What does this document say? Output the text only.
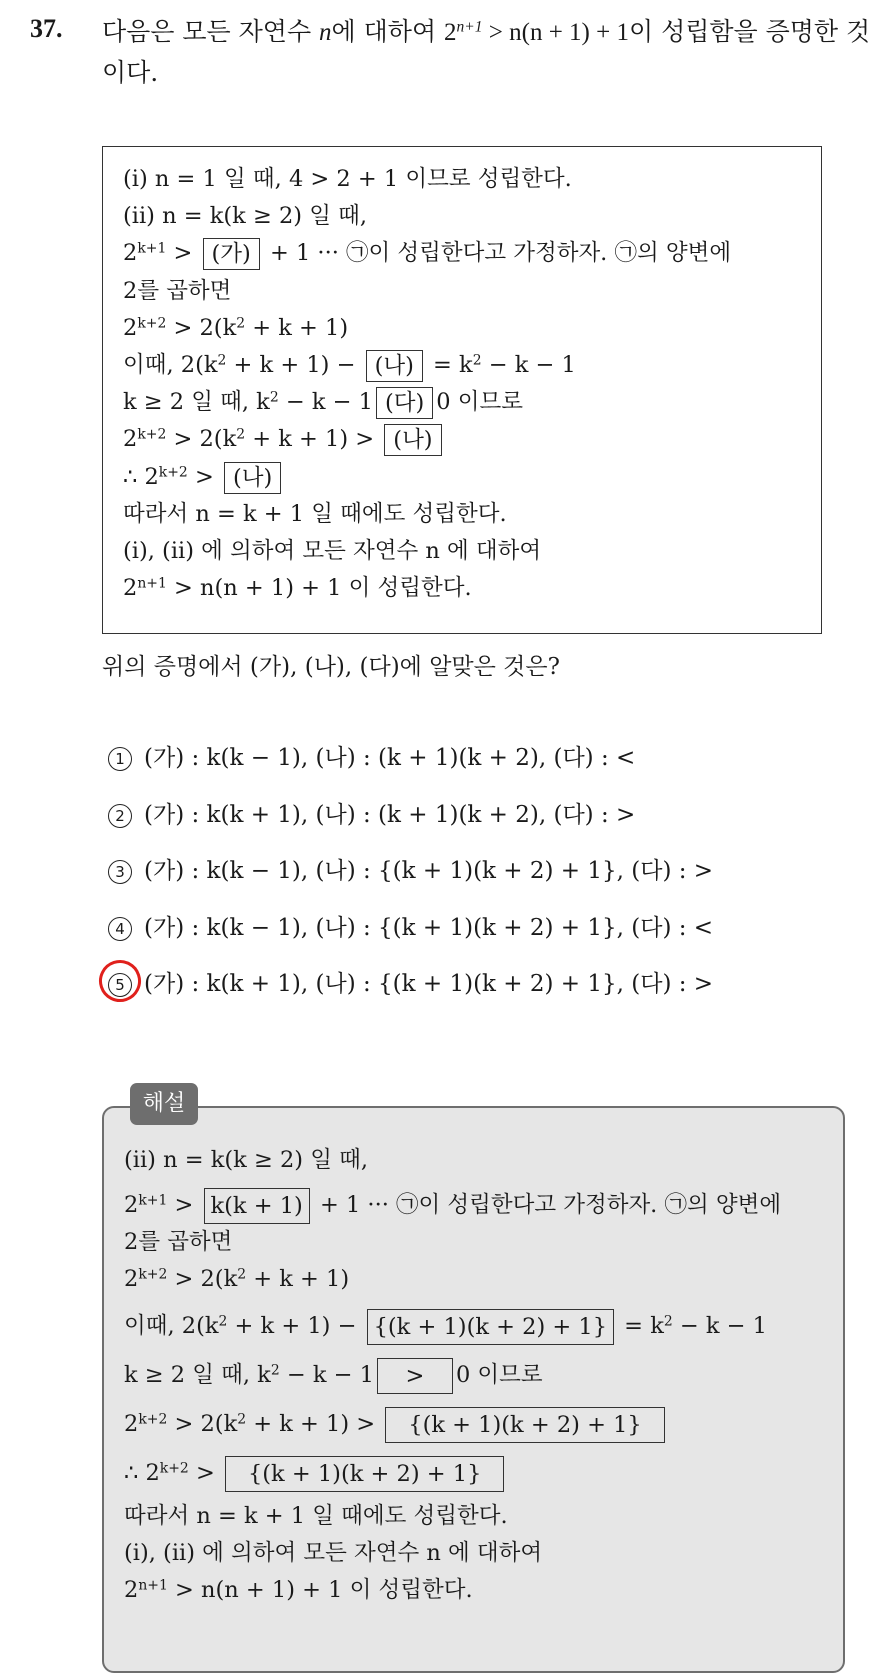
37. 다음은 모든 자연수 n에 대하여 $2^{n+1} > n(n + 1) + 1$이 성립함을 증명한 것이다.
(i) n = 1 일 때, 4 > 2 + 1 이므로 성립한다.
(ii) n = k(k ≥ 2) 일 때,
$2^{k+1}$ > (가) + 1 ··· ㉠이 성립한다고 가정하자. ㉠의 양변에
2를 곱하면
$2^{k+2} > 2(k^2 + k + 1)$
이때, $2(k^2 + k + 1)$ − (나) = $k^2 - k - 1$
k ≥ 2 일 때, $k^2 - k - 1$ (다) 0 이므로
$2^{k+2} > 2(k^2 + k + 1)$ > (나)
∴ $2^{k+2}$ > (나)
따라서 n = k + 1 일 때에도 성립한다.
(i), (ii) 에 의하여 모든 자연수 n 에 대하여
$2^{n+1} > n(n + 1) + 1$ 이 성립한다.
위의 증명에서 (가), (나), (다)에 알맞은 것은?
1 (가) : k(k − 1), (나) : (k + 1)(k + 2), (다) : <
2 (가) : k(k + 1), (나) : (k + 1)(k + 2), (다) : >
3 (가) : k(k − 1), (나) : {(k + 1)(k + 2) + 1}, (다) : >
4 (가) : k(k − 1), (나) : {(k + 1)(k + 2) + 1}, (다) : <
5 (가) : k(k + 1), (나) : {(k + 1)(k + 2) + 1}, (다) : >
해설
(ii) n = k(k ≥ 2) 일 때,
$2^{k+1} > k(k + 1) + 1$ ··· ㉠이 성립한다고 가정하자. ㉠의 양변에
2를 곱하면
$2^{k+2} > 2(k^2 + k + 1)$
이때, $2(k^2 + k + 1) - \{(k + 1)(k + 2) + 1\} = k^2 - k - 1$
k ≥ 2 일 때, $k^2 - k - 1 > 0$ 이므로
$2^{k+2} > 2(k^2 + k + 1) > \{(k + 1)(k + 2) + 1\}$
∴ $2^{k+2} > \{(k + 1)(k + 2) + 1\}$
따라서 n = k + 1 일 때에도 성립한다.
(i), (ii) 에 의하여 모든 자연수 n 에 대하여
$2^{n+1} > n(n + 1) + 1$ 이 성립한다.
